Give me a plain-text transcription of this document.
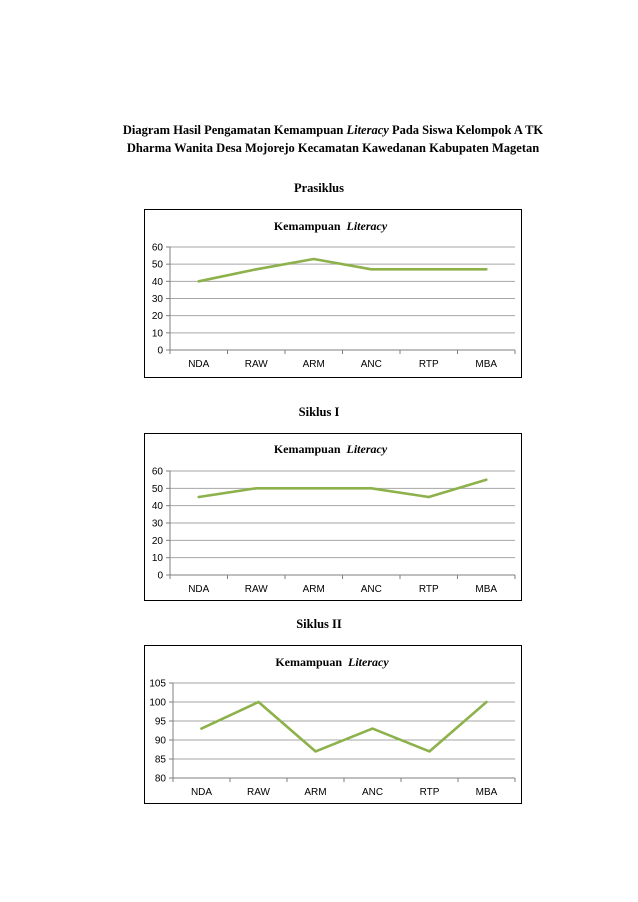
Diagram Hasil Pengamatan Kemampuan Literacy Pada Siswa Kelompok A TK Dharma Wanita Desa Mojorejo Kecamatan Kawedanan Kabupaten Magetan
Prasiklus
Kemampuan  Literacy
0
10
20
30
40
50
60
NDA	RAW	ARM	ANC	RTP	MBA
Siklus I
Kemampuan  Literacy
0
10
20
30
40
50
60
NDA	RAW	ARM	ANC	RTP	MBA
Siklus II
Kemampuan  Literacy
80
85
90
95
100
105
NDA	RAW	ARM	ANC	RTP	MBA
